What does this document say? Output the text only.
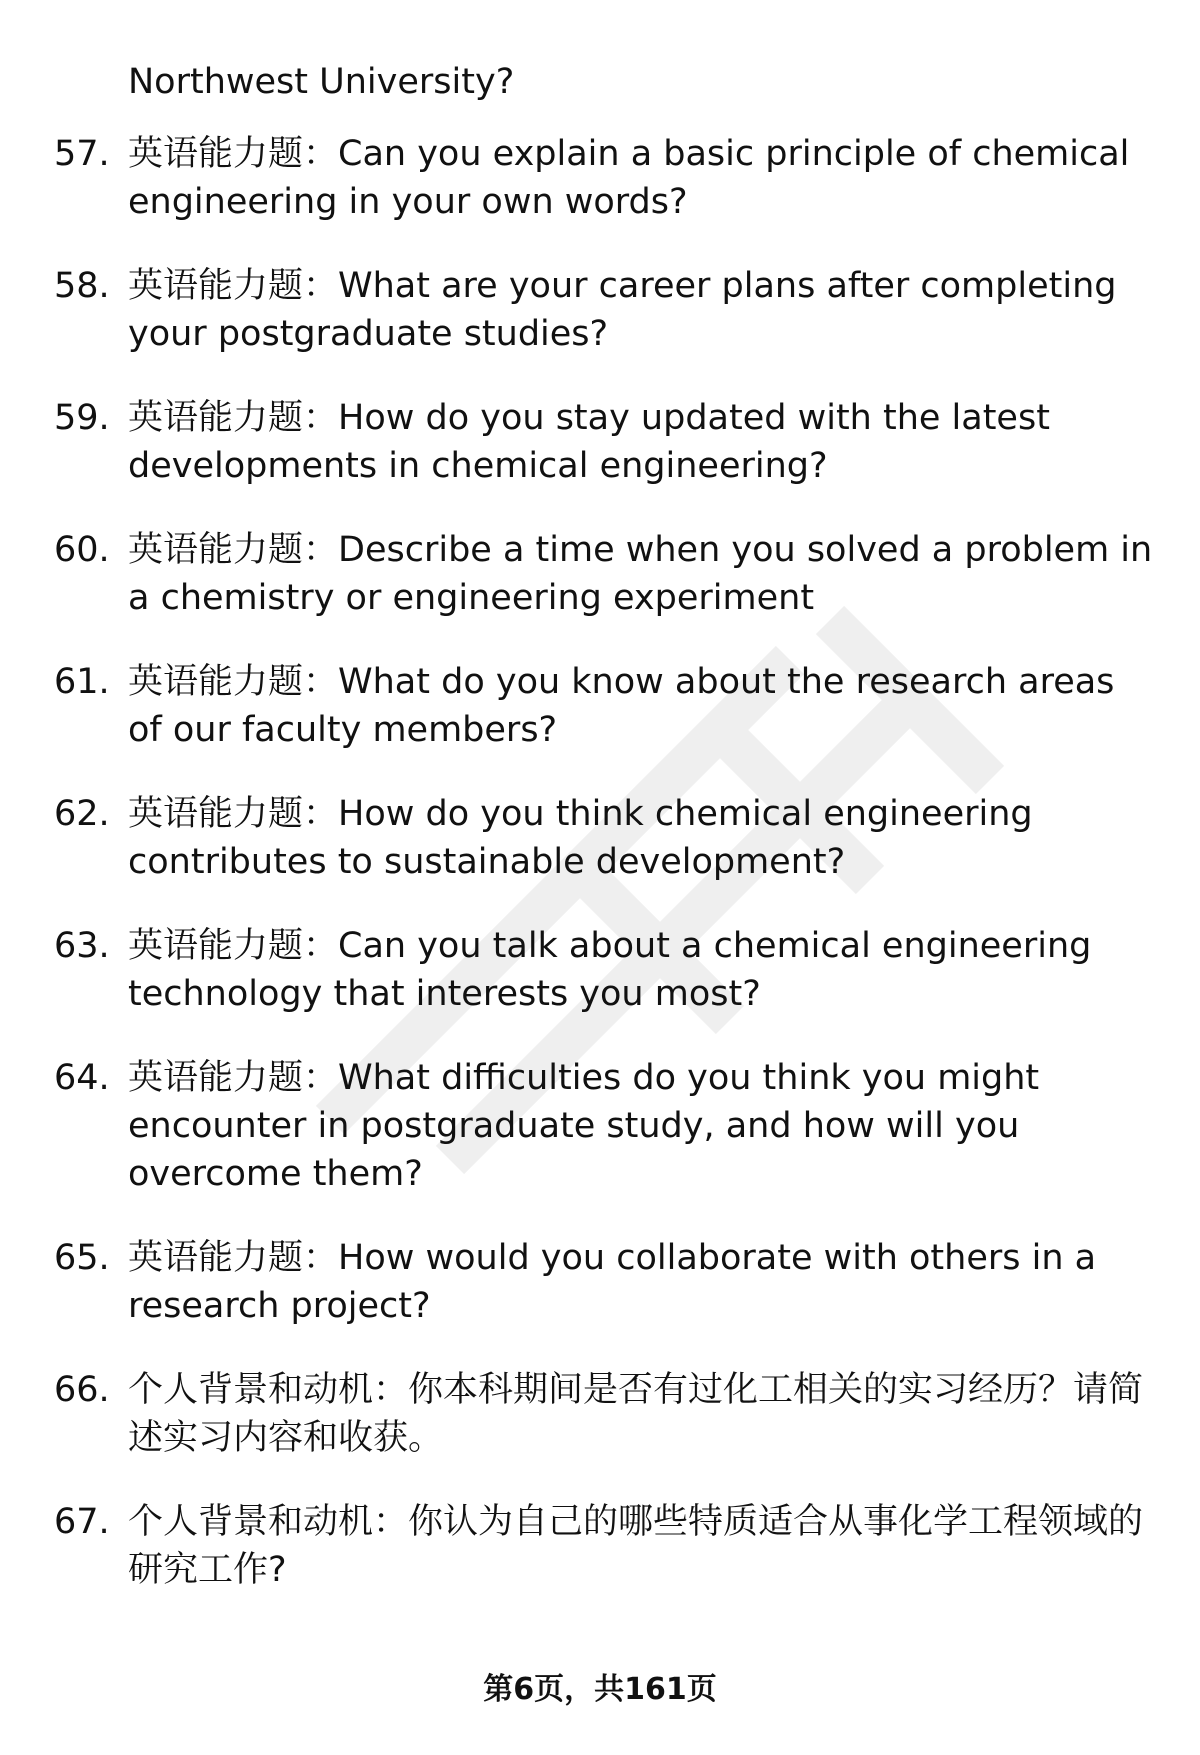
Northwest University?
57. 英语能力题：Can you explain a basic principle of chemical engineering in your own words?
58. 英语能力题：What are your career plans after completing your postgraduate studies?
59. 英语能力题：How do you stay updated with the latest developments in chemical engineering?
60. 英语能力题：Describe a time when you solved a problem in a chemistry or engineering experiment
61. 英语能力题：What do you know about the research areas of our faculty members?
62. 英语能力题：How do you think chemical engineering contributes to sustainable development?
63. 英语能力题：Can you talk about a chemical engineering technology that interests you most?
64. 英语能力题：What difficulties do you think you might encounter in postgraduate study, and how will you overcome them?
65. 英语能力题：How would you collaborate with others in a research project?
66. 个人背景和动机：你本科期间是否有过化工相关的实习经历？请简述实习内容和收获。
67. 个人背景和动机：你认为自己的哪些特质适合从事化学工程领域的研究工作?
第6页，共161页
